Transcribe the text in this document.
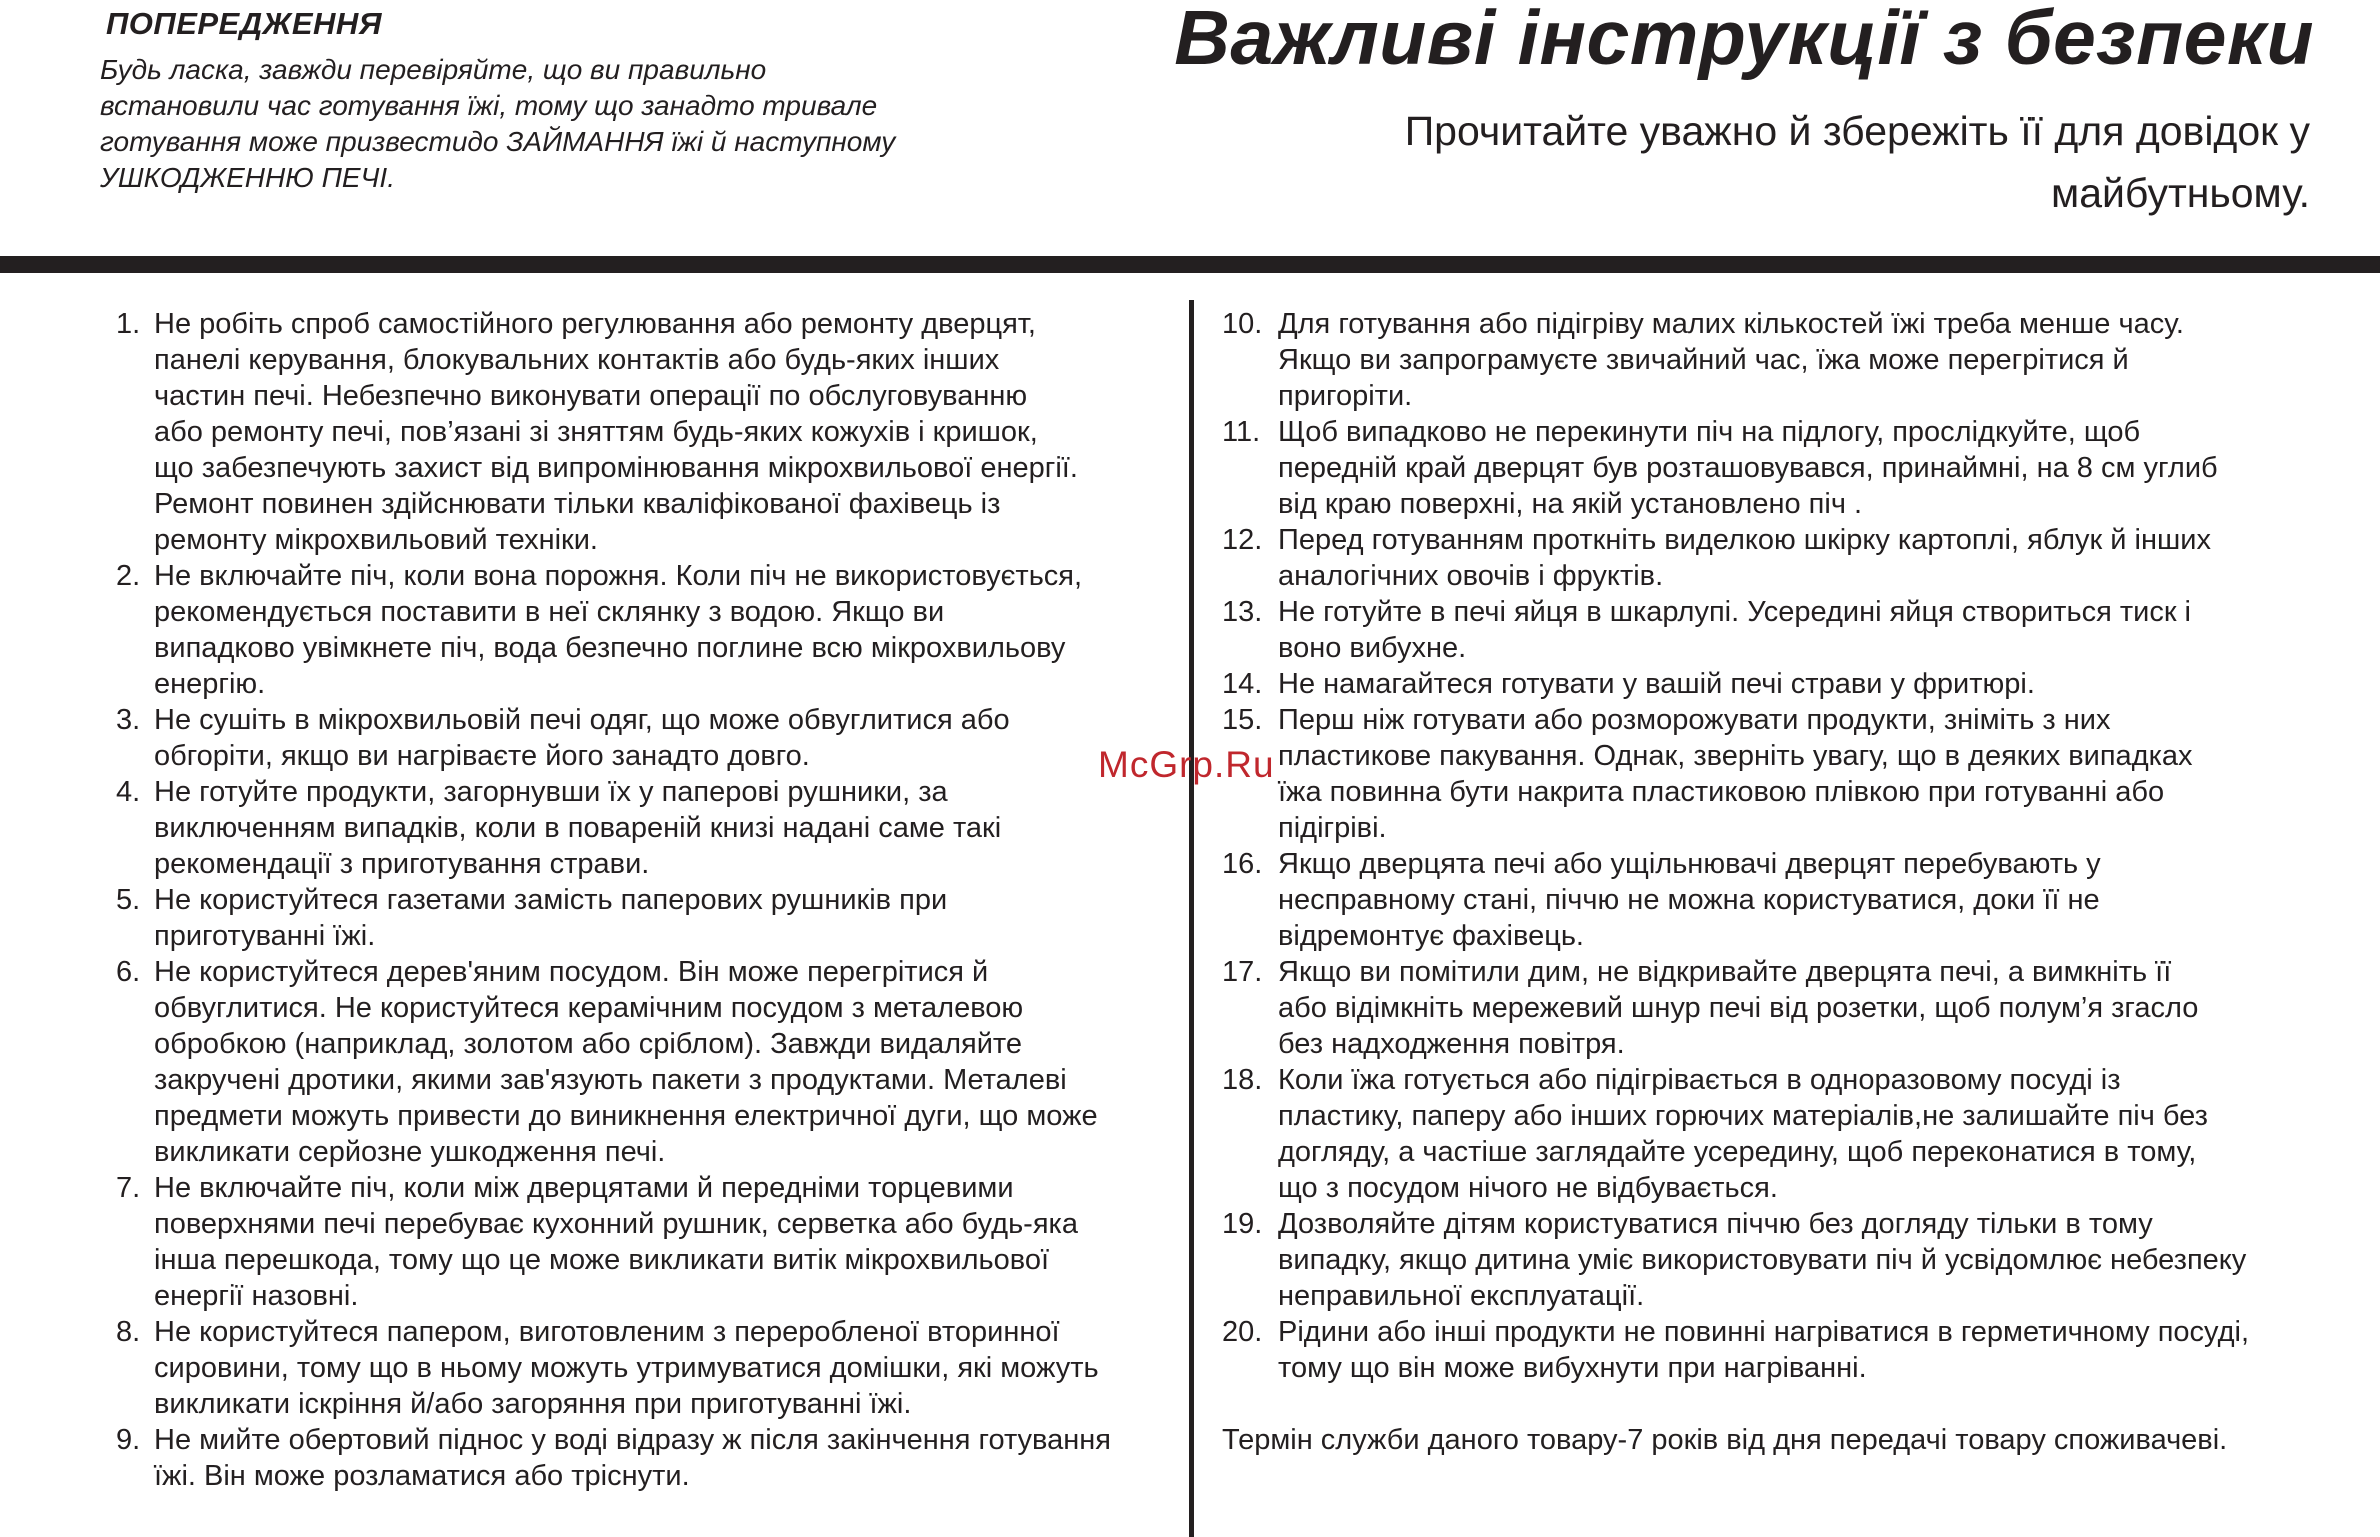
ПОПЕРЕДЖЕННЯ
Будь ласка, завжди перевіряйте, що ви правильно
встановили час готування їжі, тому що занадто тривале
готування може призвестидо ЗАЙМАННЯ їжі й наступному
УШКОДЖЕННЮ ПЕЧІ.
Важливі інструкції з безпеки
Прочитайте уважно й збережіть її для довідок у майбутньому.
1. Не робіть спроб самостійного регулювання або ремонту дверцят,
панелі керування, блокувальних контактів або будь-яких інших
частин печі. Небезпечно виконувати операції по обслуговуванню
або ремонту печі, пов’язані зі зняттям будь-яких кожухів і кришок,
що забезпечують захист від випромінювання мікрохвильової енергії.
Ремонт повинен здійснювати тільки кваліфікованої фахівець із
ремонту мікрохвильовий техніки.
2. Не включайте піч, коли вона порожня. Коли піч не використовується,
рекомендується поставити в неї склянку з водою. Якщо ви
випадково увімкнете піч, вода безпечно поглине всю мікрохвильову
енергію.
3. Не сушіть в мікрохвильовій печі одяг, що може обвуглитися або
обгоріти, якщо ви нагріваєте його занадто довго.
4. Не готуйте продукти, загорнувши їх у паперові рушники, за
виключенням випадків, коли в поваренiй книзі надані саме такі
рекомендації з приготування страви.
5. Не користуйтеся газетами замість паперових рушників при
приготуванні їжі.
6. Не користуйтеся дерев'яним посудом. Він може перегрітися й
обвуглитися. Не користуйтеся керамічним посудом з металевою
обробкою (наприклад, золотом або сріблом). Завжди видаляйте
закручені дротики, якими зав'язують пакети з продуктами. Металеві
предмети можуть привести до виникнення електричної дуги, що може
викликати серйозне ушкодження печі.
7. Не включайте піч, коли між дверцятами й передніми торцевими
поверхнями печі перебуває кухонний рушник, серветка або будь-яка
інша перешкода, тому що це може викликати витік мікрохвильової
енергії назовні.
8. Не користуйтеся папером, виготовленим з переробленої вторинної
сировини, тому що в ньому можуть утримуватися домішки, які можуть
викликати іскріння й/або загоряння при приготуванні їжі.
9. Не мийте обертовий піднос у воді відразу ж після закінчення готування
їжі. Він може розламатися або тріснути.
10. Для готування або підігріву малих кількостей їжі треба менше часу.
Якщо ви запрограмуєте звичайний час, їжа може перегрітися й
пригоріти.
11. Щоб випадково не перекинути піч на підлогу, прослідкуйте, щоб
передній край дверцят був розташовувався, принаймні, на 8 см углиб
від краю поверхні, на якій установлено піч .
12. Перед готуванням проткніть виделкою шкірку картоплі, яблук й інших
аналогічних овочів і фруктів.
13. Не готуйте в печі яйця в шкарлупі. Усередині яйця створиться тиск і
воно вибухне.
14. Не намагайтеся готувати у вашій печі страви у фритюрі.
15. Перш ніж готувати або розморожувати продукти, зніміть з них
пластикове пакування. Однак, зверніть увагу, що в деяких випадках
їжа повинна бути накрита пластиковою плівкою при готуванні або
підігріві.
16. Якщо дверцята печі або ущільнювачі дверцят перебувають у
несправному стані, піччю не можна користуватися, доки її не
відремонтує фахівець.
17. Якщо ви помітили дим, не відкривайте дверцята печі, а вимкніть її
або відімкніть мережевий шнур печі від розетки, щоб полум’я згасло
без надходження повітря.
18. Коли їжа готується або підігрівається в одноразовому посуді із
пластику, паперу або інших горючих матеріалів,не залишайте піч без
догляду, а частіше заглядайте усередину, щоб переконатися в тому,
що з посудом нічого не відбувається.
19. Дозволяйте дітям користуватися піччю без догляду тільки в тому
випадку, якщо дитина уміє використовувати піч й усвідомлює небезпеку
неправильної експлуатації.
20. Рідини або інші продукти не повинні нагріватися в герметичному посуді,
тому що він може вибухнути при нагріванні.
Термін служби даного товару-7 років від дня передачі товару споживачеві.
McGrp.Ru
